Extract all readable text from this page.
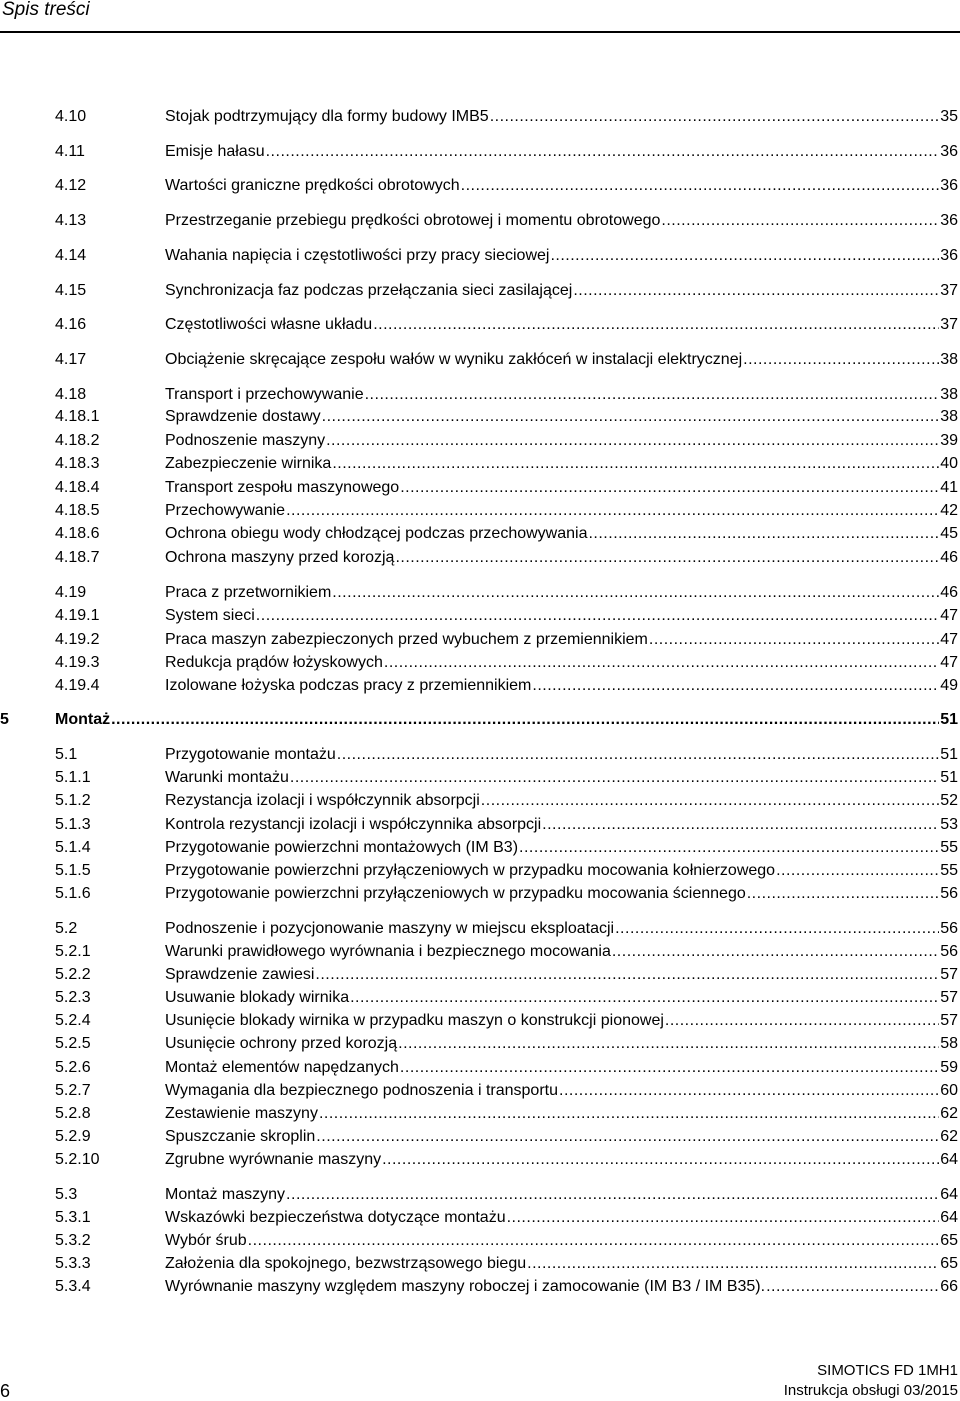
Spis treści
4.10	Stojak podtrzymujący dla formy budowy IMB5 .....	35
4.11	Emisje hałasu .....	36
4.12	Wartości graniczne prędkości obrotowych .....	36
4.13	Przestrzeganie przebiegu prędkości obrotowej i momentu obrotowego .....	36
4.14	Wahania napięcia i częstotliwości przy pracy sieciowej .....	36
4.15	Synchronizacja faz podczas przełączania sieci zasilającej .....	37
4.16	Częstotliwości własne układu .....	37
4.17	Obciążenie skręcające zespołu wałów w wyniku zakłóceń w instalacji elektrycznej .....	38
4.18	Transport i przechowywanie .....	38
4.18.1	Sprawdzenie dostawy .....	38
4.18.2	Podnoszenie maszyny .....	39
4.18.3	Zabezpieczenie wirnika .....	40
4.18.4	Transport zespołu maszynowego .....	41
4.18.5	Przechowywanie .....	42
4.18.6	Ochrona obiegu wody chłodzącej podczas przechowywania .....	45
4.18.7	Ochrona maszyny przed korozją .....	46
4.19	Praca z przetwornikiem .....	46
4.19.1	System sieci .....	47
4.19.2	Praca maszyn zabezpieczonych przed wybuchem z przemiennikiem .....	47
4.19.3	Redukcja prądów łożyskowych .....	47
4.19.4	Izolowane łożyska podczas pracy z przemiennikiem .....	49
5	Montaż .....	51
5.1	Przygotowanie montażu .....	51
5.1.1	Warunki montażu .....	51
5.1.2	Rezystancja izolacji i współczynnik absorpcji .....	52
5.1.3	Kontrola rezystancji izolacji i współczynnika absorpcji .....	53
5.1.4	Przygotowanie powierzchni montażowych (IM B3) .....	55
5.1.5	Przygotowanie powierzchni przyłączeniowych w przypadku mocowania kołnierzowego .....	55
5.1.6	Przygotowanie powierzchni przyłączeniowych w przypadku mocowania ściennego .....	56
5.2	Podnoszenie i pozycjonowanie maszyny w miejscu eksploatacji .....	56
5.2.1	Warunki prawidłowego wyrównania i bezpiecznego mocowania .....	56
5.2.2	Sprawdzenie zawiesi .....	57
5.2.3	Usuwanie blokady wirnika .....	57
5.2.4	Usunięcie blokady wirnika w przypadku maszyn o konstrukcji pionowej .....	57
5.2.5	Usunięcie ochrony przed korozją .....	58
5.2.6	Montaż elementów napędzanych .....	59
5.2.7	Wymagania dla bezpiecznego podnoszenia i transportu .....	60
5.2.8	Zestawienie maszyny .....	62
5.2.9	Spuszczanie skroplin .....	62
5.2.10	Zgrubne wyrównanie maszyny .....	64
5.3	Montaż maszyny .....	64
5.3.1	Wskazówki bezpieczeństwa dotyczące montażu .....	64
5.3.2	Wybór śrub .....	65
5.3.3	Założenia dla spokojnego, bezwstrząsowego biegu .....	65
5.3.4	Wyrównanie maszyny względem maszyny roboczej i zamocowanie (IM B3 / IM B35). .....	66
6
SIMOTICS FD 1MH1
Instrukcja obsługi 03/2015
